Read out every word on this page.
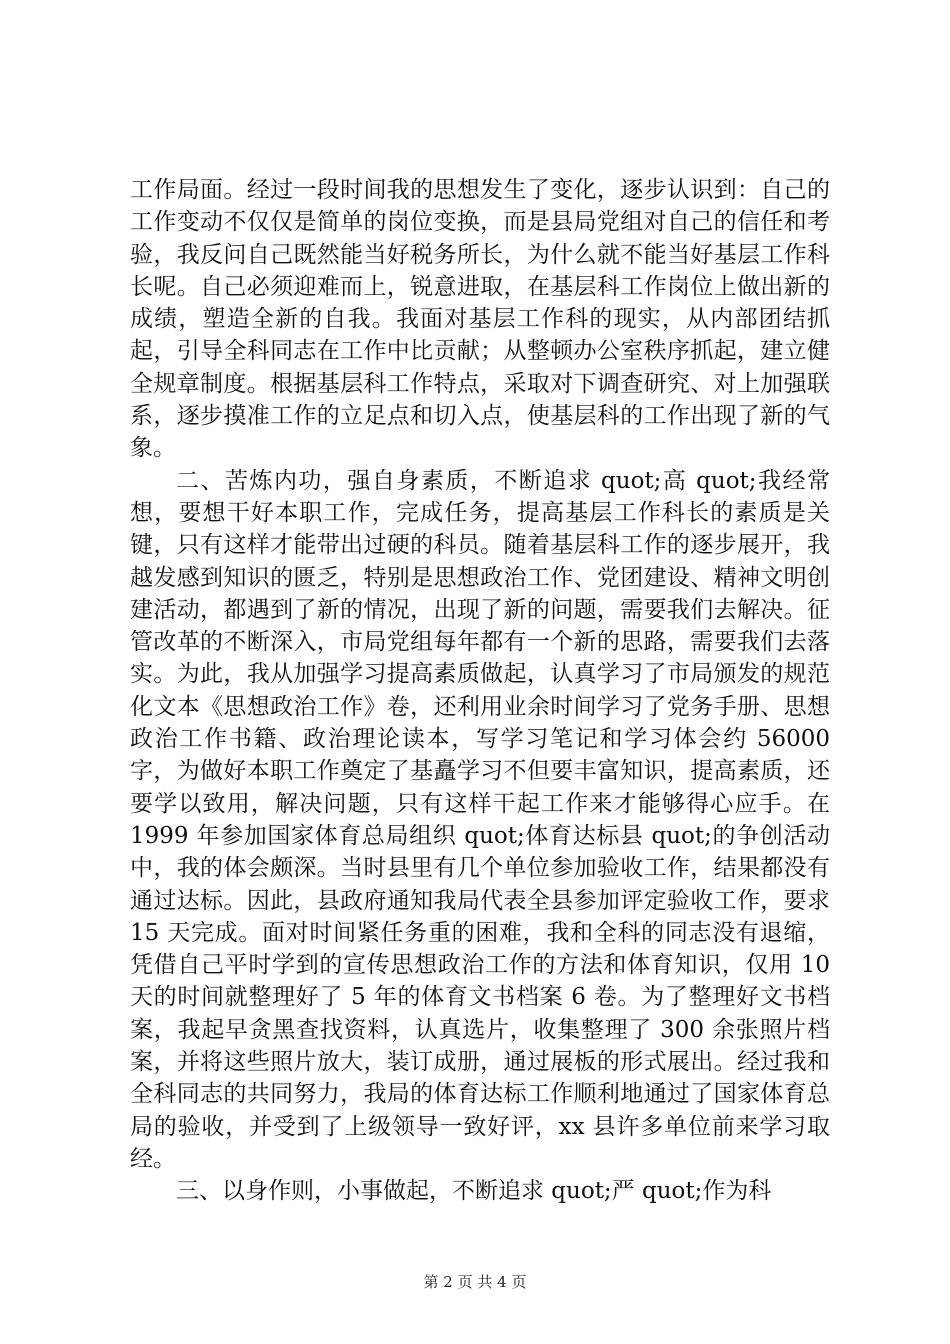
工作局面。经过一段时间我的思想发生了变化，逐步认识到：自己的工作变动不仅仅是简单的岗位变换，而是县局党组对自己的信任和考验，我反问自己既然能当好税务所长，为什么就不能当好基层工作科长呢。自己必须迎难而上，锐意进取，在基层科工作岗位上做出新的成绩，塑造全新的自我。我面对基层工作科的现实，从内部团结抓起，引导全科同志在工作中比贡献；从整顿办公室秩序抓起，建立健全规章制度。根据基层科工作特点，采取对下调查研究、对上加强联系，逐步摸准工作的立足点和切入点，使基层科的工作出现了新的气象。

二、苦炼内功，强自身素质，不断追求 quot;高 quot;我经常想，要想干好本职工作，完成任务，提高基层工作科长的素质是关键，只有这样才能带出过硬的科员。随着基层科工作的逐步展开，我越发感到知识的匮乏，特别是思想政治工作、党团建设、精神文明创建活动，都遇到了新的情况，出现了新的问题，需要我们去解决。征管改革的不断深入，市局党组每年都有一个新的思路，需要我们去落实。为此，我从加强学习提高素质做起，认真学习了市局颁发的规范化文本《思想政治工作》卷，还利用业余时间学习了党务手册、思想政治工作书籍、政治理论读本，写学习笔记和学习体会约 56000 字，为做好本职工作奠定了基矗学习不但要丰富知识，提高素质，还要学以致用，解决问题，只有这样干起工作来才能够得心应手。在 1999 年参加国家体育总局组织 quot;体育达标县 quot;的争创活动中，我的体会颇深。当时县里有几个单位参加验收工作，结果都没有通过达标。因此，县政府通知我局代表全县参加评定验收工作，要求 15 天完成。面对时间紧任务重的困难，我和全科的同志没有退缩，凭借自己平时学到的宣传思想政治工作的方法和体育知识，仅用 10 天的时间就整理好了 5 年的体育文书档案 6 卷。为了整理好文书档案，我起早贪黑查找资料，认真选片，收集整理了 300 余张照片档案，并将这些照片放大，装订成册，通过展板的形式展出。经过我和全科同志的共同努力，我局的体育达标工作顺利地通过了国家体育总局的验收，并受到了上级领导一致好评，xx 县许多单位前来学习取经。

三、以身作则，小事做起，不断追求 quot;严 quot;作为科

第 2 页 共 4 页
